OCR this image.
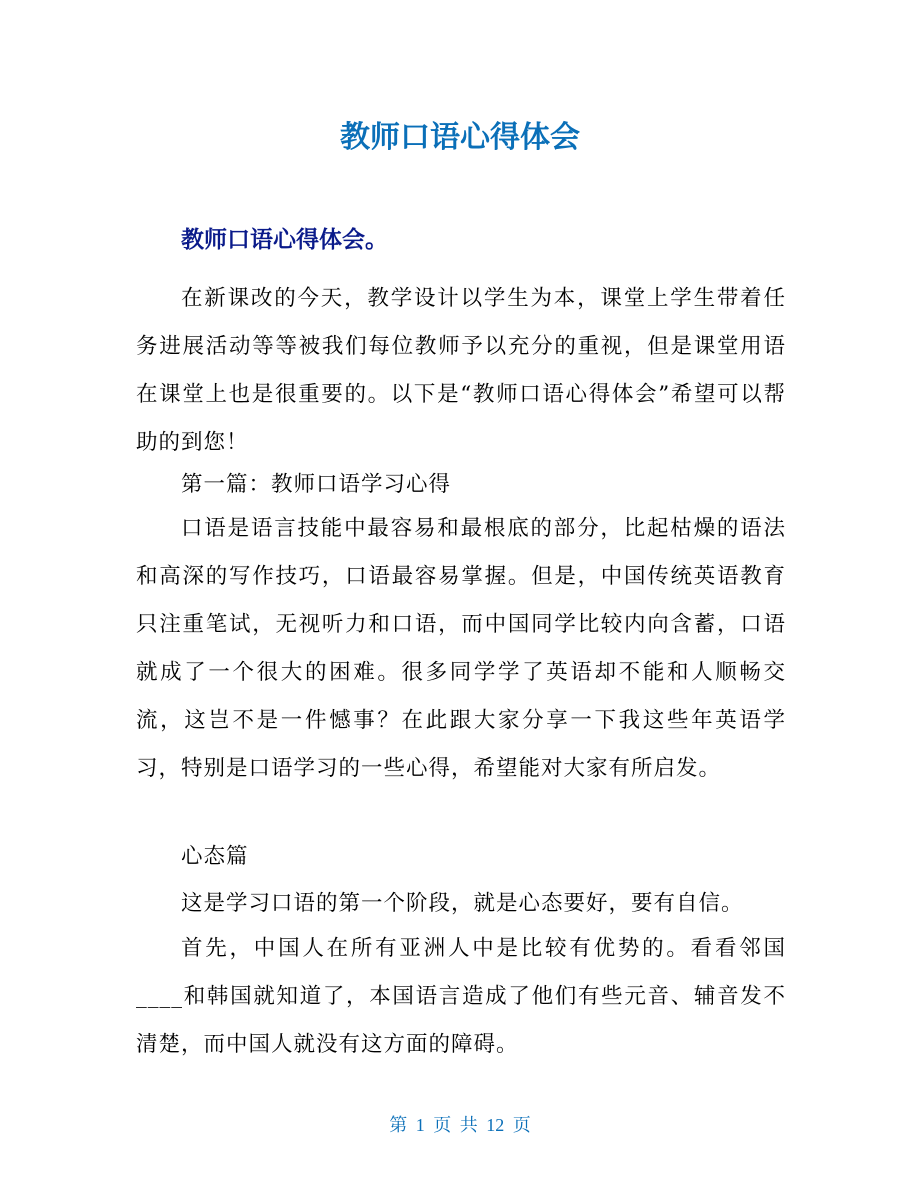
教师口语心得体会
教师口语心得体会。

在新课改的今天，教学设计以学生为本，课堂上学生带着任务进展活动等等被我们每位教师予以充分的重视，但是课堂用语在课堂上也是很重要的。以下是“教师口语心得体会”希望可以帮助的到您！

第一篇：教师口语学习心得

口语是语言技能中最容易和最根底的部分，比起枯燥的语法和高深的写作技巧，口语最容易掌握。但是，中国传统英语教育只注重笔试，无视听力和口语，而中国同学比较内向含蓄，口语就成了一个很大的困难。很多同学学了英语却不能和人顺畅交流，这岂不是一件憾事？在此跟大家分享一下我这些年英语学习，特别是口语学习的一些心得，希望能对大家有所启发。

心态篇

这是学习口语的第一个阶段，就是心态要好，要有自信。

首先，中国人在所有亚洲人中是比较有优势的。看看邻国____和韩国就知道了，本国语言造成了他们有些元音、辅音发不清楚，而中国人就没有这方面的障碍。

第 1 页 共 12 页
